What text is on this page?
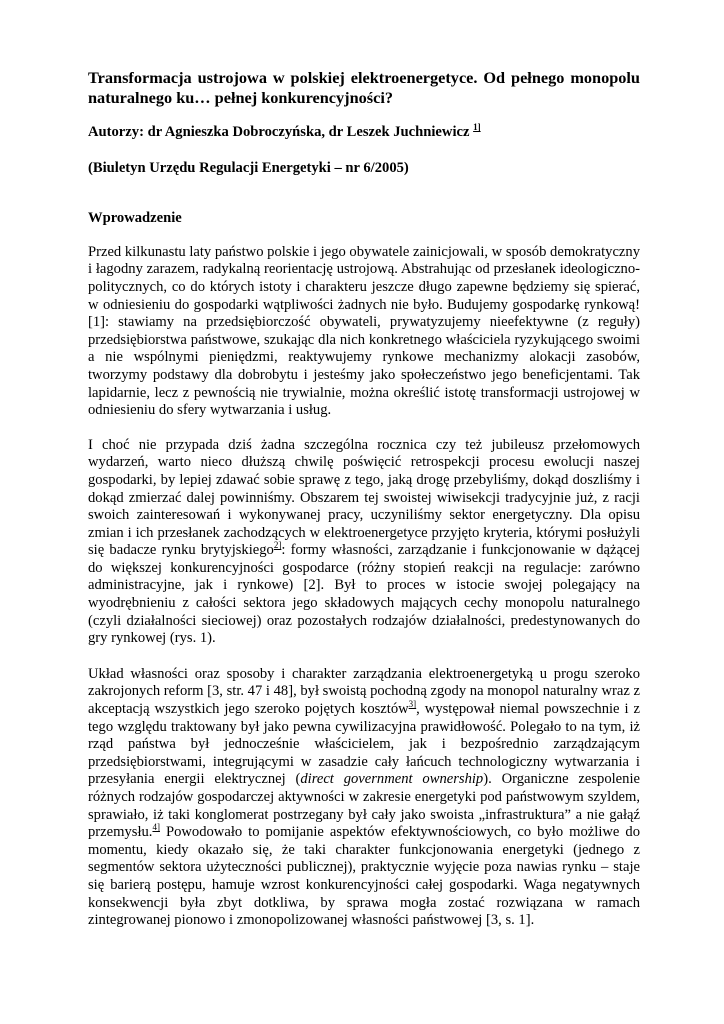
Transformacja ustrojowa w polskiej elektroenergetyce. Od pełnego monopolu naturalnego ku… pełnej konkurencyjności?
Autorzy: dr Agnieszka Dobroczyńska, dr Leszek Juchniewicz $^{1]}$
(Biuletyn Urzędu Regulacji Energetyki – nr 6/2005)
Wprowadzenie

Przed kilkunastu laty państwo polskie i jego obywatele zainicjowali, w sposób demokratyczny i łagodny zarazem, radykalną reorientację ustrojową. Abstrahując od przesłanek ideologiczno-politycznych, co do których istoty i charakteru jeszcze długo zapewne będziemy się spierać, w odniesieniu do gospodarki wątpliwości żadnych nie było. Budujemy gospodarkę rynkową! [1]: stawiamy na przedsiębiorczość obywateli, prywatyzujemy nieefektywne (z reguły) przedsiębiorstwa państwowe, szukając dla nich konkretnego właściciela ryzykującego swoimi a nie wspólnymi pieniędzmi, reaktywujemy rynkowe mechanizmy alokacji zasobów, tworzymy podstawy dla dobrobytu i jesteśmy jako społeczeństwo jego beneficjentami. Tak lapidarnie, lecz z pewnością nie trywialnie, można określić istotę transformacji ustrojowej w odniesieniu do sfery wytwarzania i usług.

I choć nie przypada dziś żadna szczególna rocznica czy też jubileusz przełomowych wydarzeń, warto nieco dłuższą chwilę poświęcić retrospekcji procesu ewolucji naszej gospodarki, by lepiej zdawać sobie sprawę z tego, jaką drogę przebyliśmy, dokąd doszliśmy i dokąd zmierzać dalej powinniśmy. Obszarem tej swoistej wiwisekcji tradycyjnie już, z racji swoich zainteresowań i wykonywanej pracy, uczyniliśmy sektor energetyczny. Dla opisu zmian i ich przesłanek zachodzących w elektroenergetyce przyjęto kryteria, którymi posłużyli się badacze rynku brytyjskiego$^{2]}$: formy własności, zarządzanie i funkcjonowanie w dążącej do większej konkurencyjności gospodarce (różny stopień reakcji na regulacje: zarówno administracyjne, jak i rynkowe) [2]. Był to proces w istocie swojej polegający na wyodrębnieniu z całości sektora jego składowych mających cechy monopolu naturalnego (czyli działalności sieciowej) oraz pozostałych rodzajów działalności, predestynowanych do gry rynkowej (rys. 1).

Układ własności oraz sposoby i charakter zarządzania elektroenergetyką u progu szeroko zakrojonych reform [3, str. 47 i 48], był swoistą pochodną zgody na monopol naturalny wraz z akceptacją wszystkich jego szeroko pojętych kosztów$^{3]}$, występował niemal powszechnie i z tego względu traktowany był jako pewna cywilizacyjna prawidłowość. Polegało to na tym, iż rząd państwa był jednocześnie właścicielem, jak i bezpośrednio zarządzającym przedsiębiorstwami, integrującymi w zasadzie cały łańcuch technologiczny wytwarzania i przesyłania energii elektrycznej (direct government ownership). Organiczne zespolenie różnych rodzajów gospodarczej aktywności w zakresie energetyki pod państwowym szyldem, sprawiało, iż taki konglomerat postrzegany był cały jako swoista „infrastruktura” a nie gałąź przemysłu.$^{4]}$ Powodowało to pomijanie aspektów efektywnościowych, co było możliwe do momentu, kiedy okazało się, że taki charakter funkcjonowania energetyki (jednego z segmentów sektora użyteczności publicznej), praktycznie wyjęcie poza nawias rynku – staje się barierą postępu, hamuje wzrost konkurencyjności całej gospodarki. Waga negatywnych konsekwencji była zbyt dotkliwa, by sprawa mogła zostać rozwiązana w ramach zintegrowanej pionowo i zmonopolizowanej własności państwowej [3, s. 1].
